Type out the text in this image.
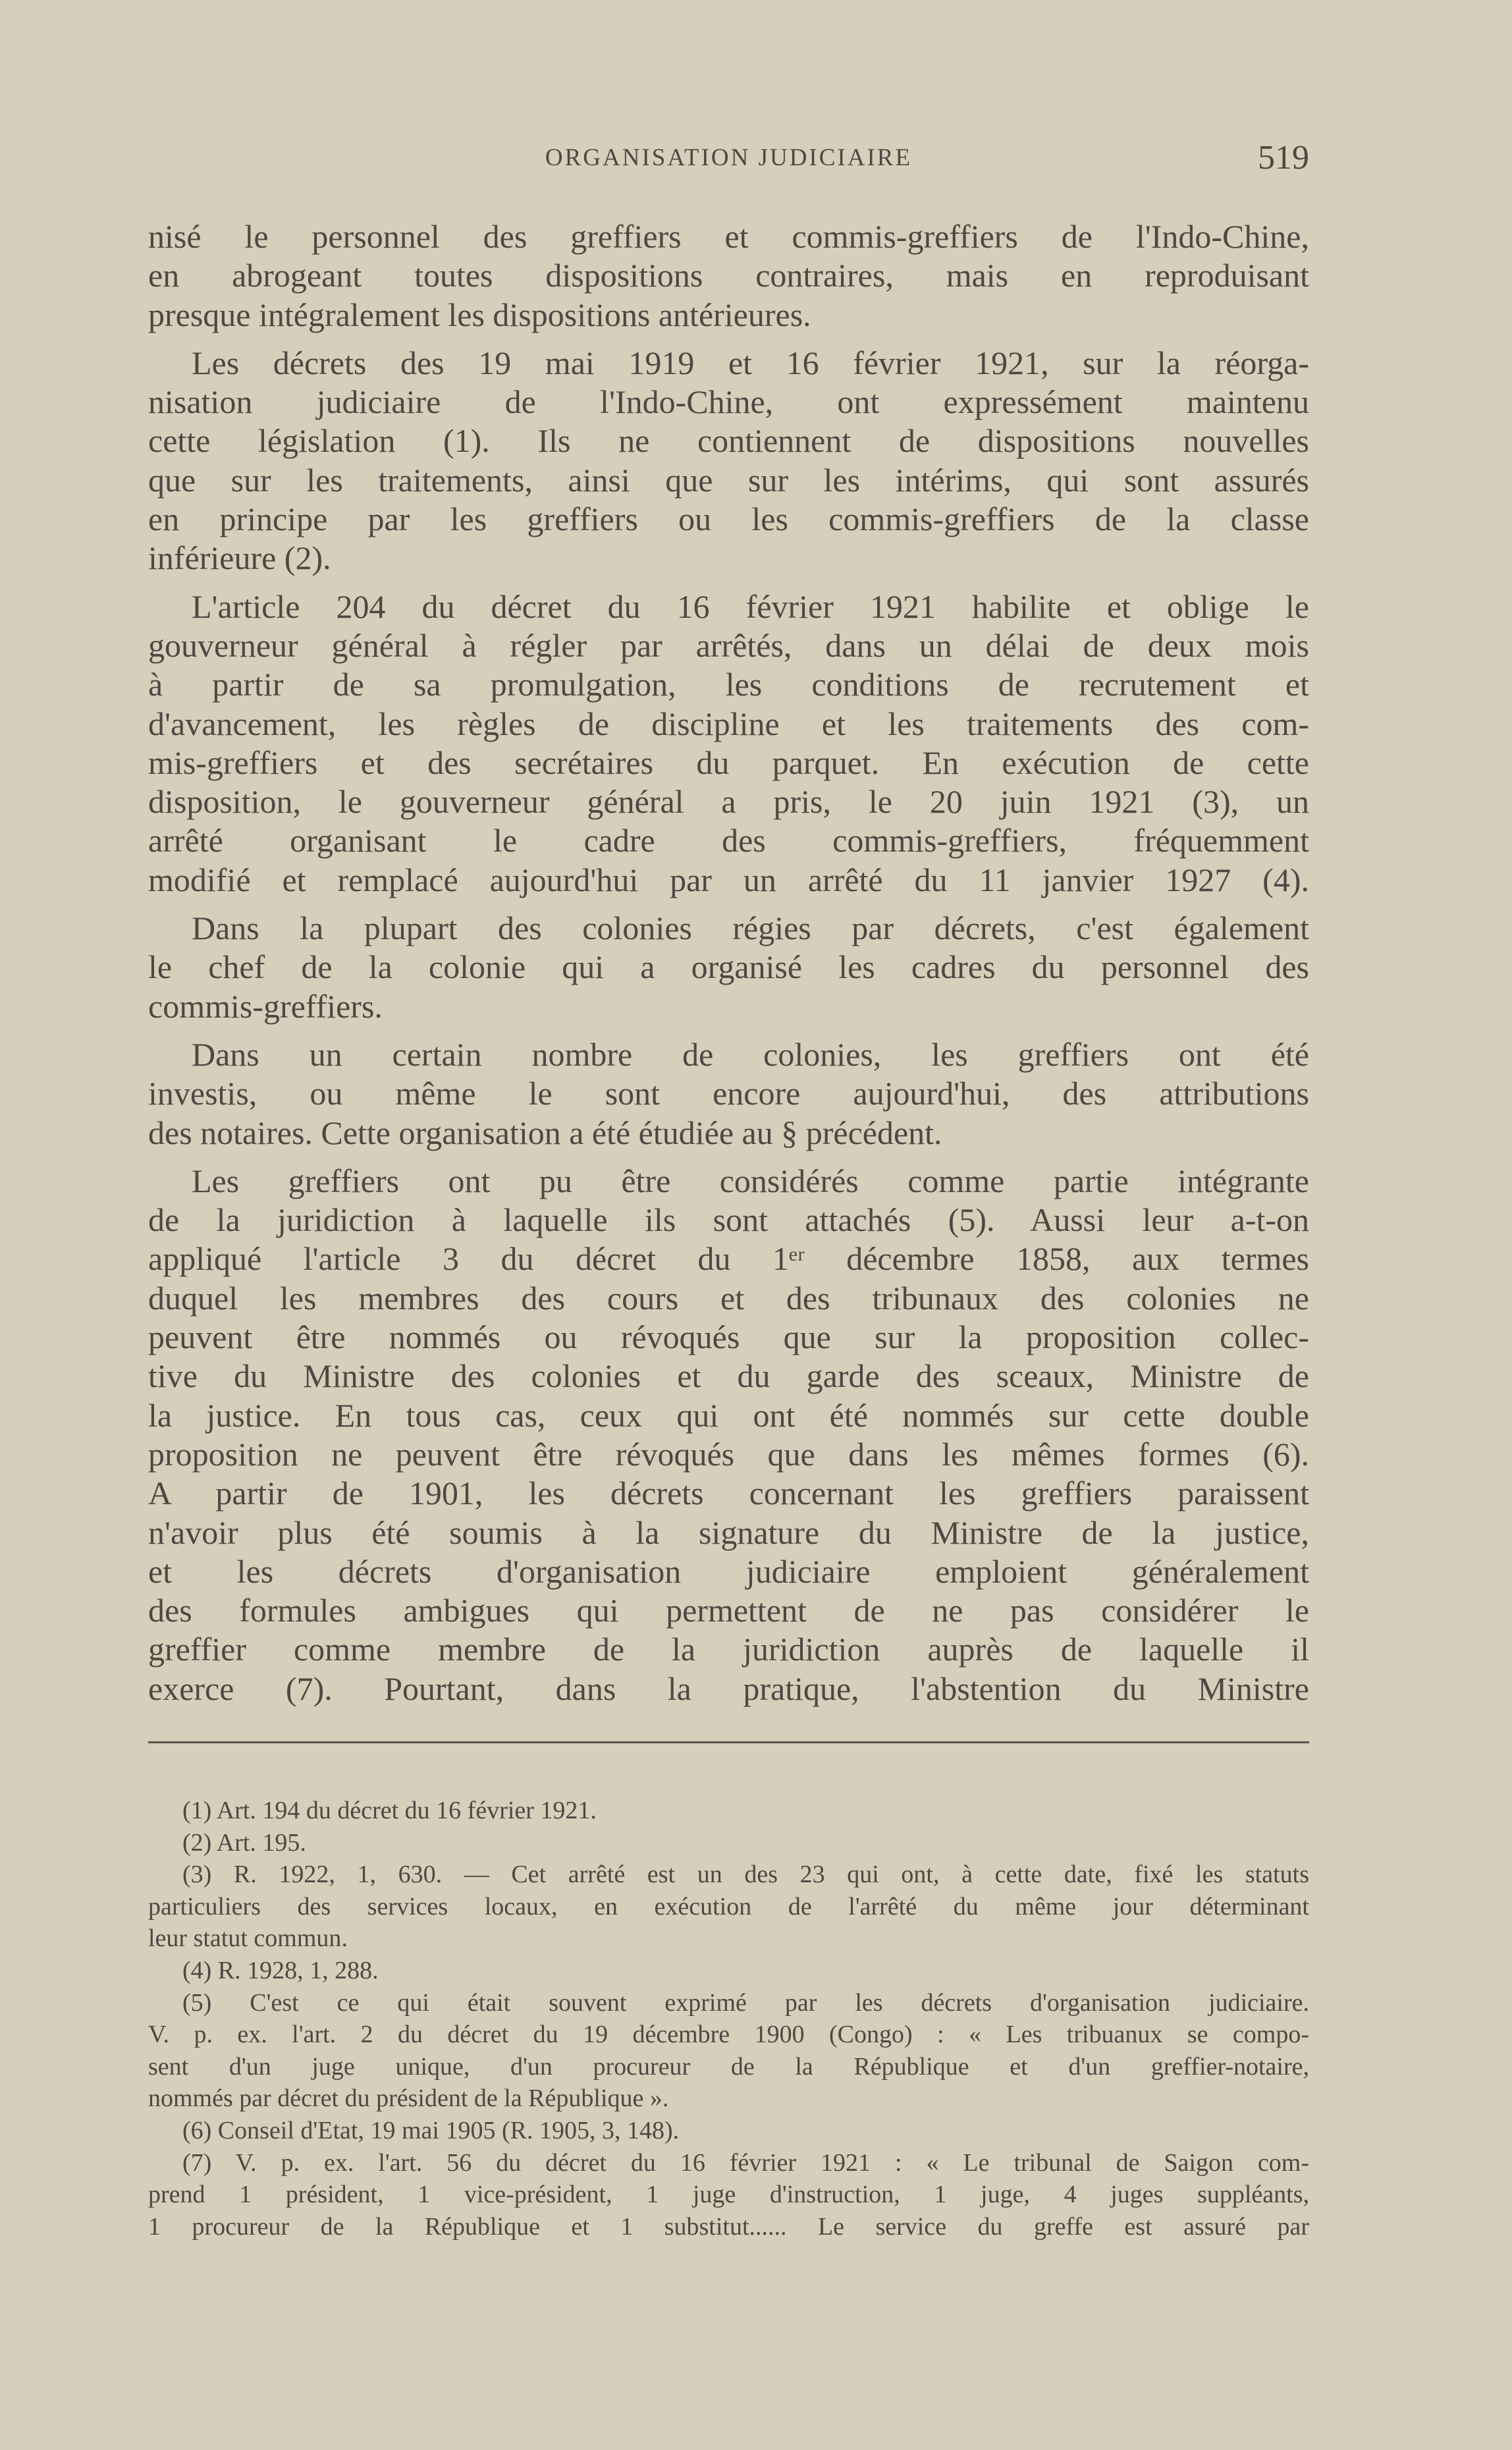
ORGANISATION JUDICIAIRE	519
nisé le personnel des greffiers et commis-greffiers de l'Indo-Chine,
en abrogeant toutes dispositions contraires, mais en reproduisant
presque intégralement les dispositions antérieures.
Les décrets des 19 mai 1919 et 16 février 1921, sur la réorga-
nisation judiciaire de l'Indo-Chine, ont expressément maintenu
cette législation (1). Ils ne contiennent de dispositions nouvelles
que sur les traitements, ainsi que sur les intérims, qui sont assurés
en principe par les greffiers ou les commis-greffiers de la classe
inférieure (2).
L'article 204 du décret du 16 février 1921 habilite et oblige le
gouverneur général à régler par arrêtés, dans un délai de deux mois
à partir de sa promulgation, les conditions de recrutement et
d'avancement, les règles de discipline et les traitements des com-
mis-greffiers et des secrétaires du parquet. En exécution de cette
disposition, le gouverneur général a pris, le 20 juin 1921 (3), un
arrêté organisant le cadre des commis-greffiers, fréquemment
modifié et remplacé aujourd'hui par un arrêté du 11 janvier 1927 (4).
Dans la plupart des colonies régies par décrets, c'est également
le chef de la colonie qui a organisé les cadres du personnel des
commis-greffiers.
Dans un certain nombre de colonies, les greffiers ont été
investis, ou même le sont encore aujourd'hui, des attributions
des notaires. Cette organisation a été étudiée au § précédent.
Les greffiers ont pu être considérés comme partie intégrante
de la juridiction à laquelle ils sont attachés (5). Aussi leur a-t-on
appliqué l'article 3 du décret du 1ᵉʳ décembre 1858, aux termes
duquel les membres des cours et des tribunaux des colonies ne
peuvent être nommés ou révoqués que sur la proposition collec-
tive du Ministre des colonies et du garde des sceaux, Ministre de
la justice. En tous cas, ceux qui ont été nommés sur cette double
proposition ne peuvent être révoqués que dans les mêmes formes (6).
A partir de 1901, les décrets concernant les greffiers paraissent
n'avoir plus été soumis à la signature du Ministre de la justice,
et les décrets d'organisation judiciaire emploient généralement
des formules ambigues qui permettent de ne pas considérer le
greffier comme membre de la juridiction auprès de laquelle il
exerce (7). Pourtant, dans la pratique, l'abstention du Ministre
(1) Art. 194 du décret du 16 février 1921.
(2) Art. 195.
(3) R. 1922, 1, 630. — Cet arrêté est un des 23 qui ont, à cette date, fixé les statuts
particuliers des services locaux, en exécution de l'arrêté du même jour déterminant
leur statut commun.
(4) R. 1928, 1, 288.
(5) C'est ce qui était souvent exprimé par les décrets d'organisation judiciaire.
V. p. ex. l'art. 2 du décret du 19 décembre 1900 (Congo) : « Les tribuanux se compo-
sent d'un juge unique, d'un procureur de la République et d'un greffier-notaire,
nommés par décret du président de la République ».
(6) Conseil d'Etat, 19 mai 1905 (R. 1905, 3, 148).
(7) V. p. ex. l'art. 56 du décret du 16 février 1921 : « Le tribunal de Saigon com-
prend 1 président, 1 vice-président, 1 juge d'instruction, 1 juge, 4 juges suppléants,
1 procureur de la République et 1 substitut...... Le service du greffe est assuré par
